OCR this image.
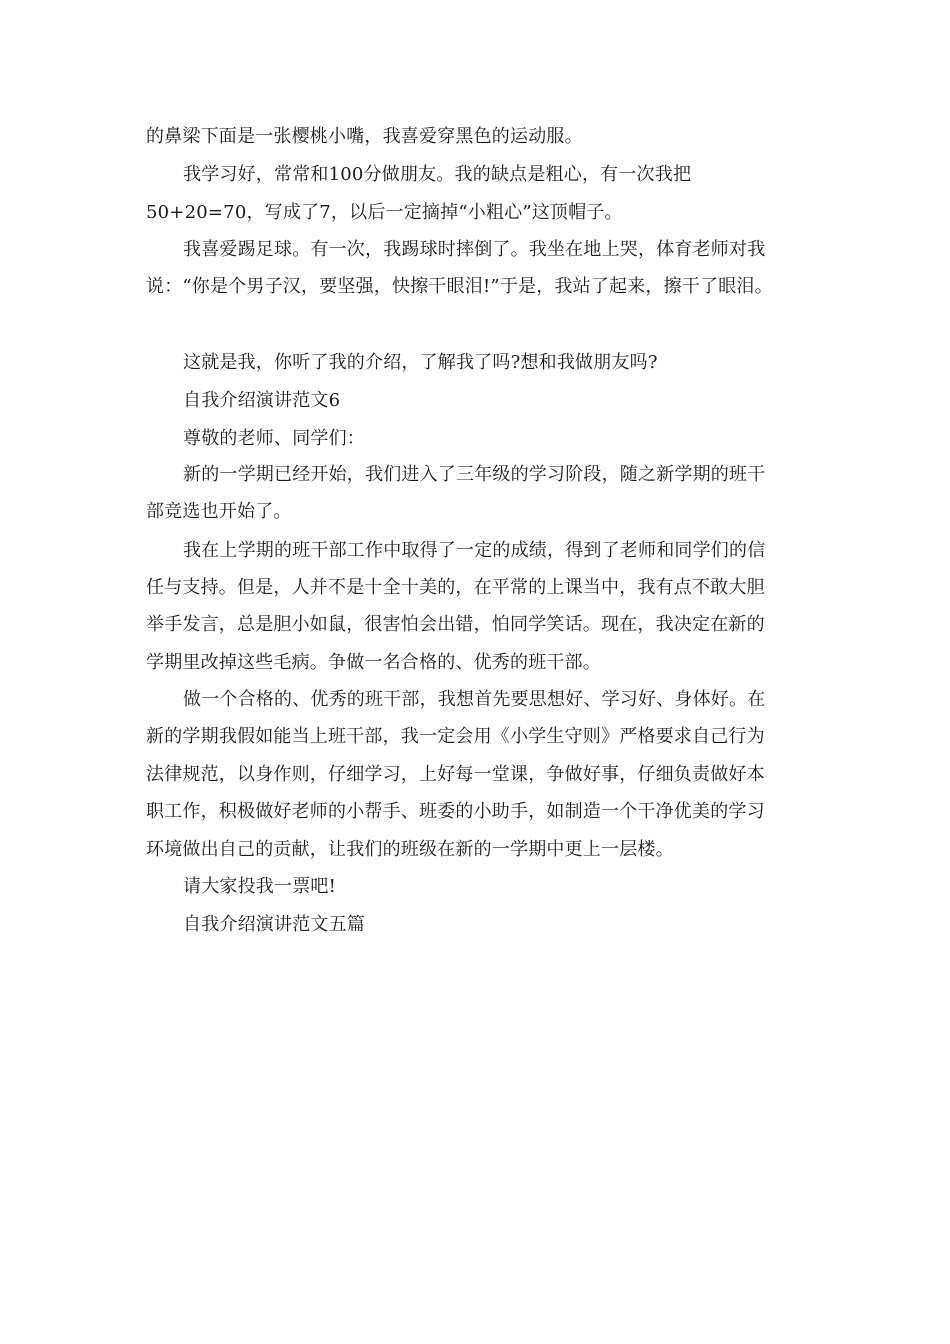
的鼻梁下面是一张樱桃小嘴，我喜爱穿黑色的运动服。
我学习好，常常和100分做朋友。我的缺点是粗心，有一次我把
50+20=70，写成了7，以后一定摘掉“小粗心”这顶帽子。
我喜爱踢足球。有一次，我踢球时摔倒了。我坐在地上哭，体育老师对我
说：“你是个男子汉，要坚强，快擦干眼泪!”于是，我站了起来，擦干了眼泪。
这就是我，你听了我的介绍，了解我了吗?想和我做朋友吗?
自我介绍演讲范文6
尊敬的老师、同学们：
新的一学期已经开始，我们进入了三年级的学习阶段，随之新学期的班干
部竞选也开始了。
我在上学期的班干部工作中取得了一定的成绩，得到了老师和同学们的信
任与支持。但是，人并不是十全十美的，在平常的上课当中，我有点不敢大胆
举手发言，总是胆小如鼠，很害怕会出错，怕同学笑话。现在，我决定在新的
学期里改掉这些毛病。争做一名合格的、优秀的班干部。
做一个合格的、优秀的班干部，我想首先要思想好、学习好、身体好。在
新的学期我假如能当上班干部，我一定会用《小学生守则》严格要求自己行为
法律规范，以身作则，仔细学习，上好每一堂课，争做好事，仔细负责做好本
职工作，积极做好老师的小帮手、班委的小助手，如制造一个干净优美的学习
环境做出自己的贡献，让我们的班级在新的一学期中更上一层楼。
请大家投我一票吧!
自我介绍演讲范文五篇
